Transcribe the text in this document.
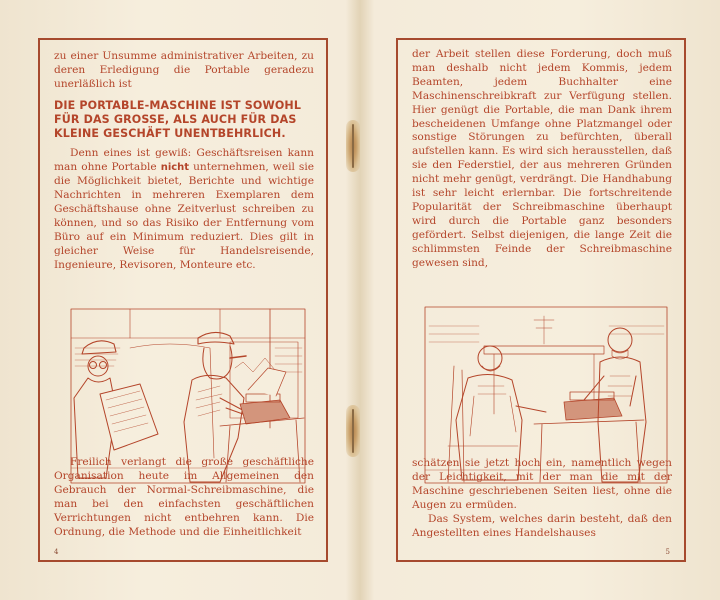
zu einer Unsumme administrativer Arbeiten, zu deren Erledigung die Portable geradezu unerläßlich ist

DIE PORTABLE-MASCHINE IST SOWOHL FÜR DAS GROSSE, ALS AUCH FÜR DAS KLEINE GESCHÄFT UNENTBEHRLICH.

Denn eines ist gewiß: Geschäftsreisen kann man ohne Portable nicht unternehmen, weil sie die Möglichkeit bietet, Berichte und wichtige Nachrichten in mehreren Exemplaren dem Geschäftshause ohne Zeitverlust schreiben zu können, und so das Risiko der Entfernung vom Büro auf ein Minimum reduziert. Dies gilt in gleicher Weise für Handelsreisende, Ingenieure, Revisoren, Monteure etc.

Freilich verlangt die große geschäftliche Organisation heute im Allgemeinen den Gebrauch der Normal-Schreibmaschine, die man bei den einfachsten geschäftlichen Verrichtungen nicht entbehren kann. Die Ordnung, die Methode und die Einheitlichkeit

4

der Arbeit stellen diese Forderung, doch muß man deshalb nicht jedem Kommis, jedem Beamten, jedem Buchhalter eine Maschinenschreibkraft zur Verfügung stellen. Hier genügt die Portable, die man Dank ihrem bescheidenen Umfange ohne Platzmangel oder sonstige Störungen zu befürchten, überall aufstellen kann. Es wird sich herausstellen, daß sie den Federstiel, der aus mehreren Gründen nicht mehr genügt, verdrängt. Die Handhabung ist sehr leicht erlernbar. Die fortschreitende Popularität der Schreibmaschine überhaupt wird durch die Portable ganz besonders gefördert. Selbst diejenigen, die lange Zeit die schlimmsten Feinde der Schreibmaschine gewesen sind,

schätzen sie jetzt hoch ein, namentlich wegen der Leichtigkeit, mit der man die mit der Maschine geschriebenen Seiten liest, ohne die Augen zu ermüden.

Das System, welches darin besteht, daß den Angestellten eines Handelshauses

5
